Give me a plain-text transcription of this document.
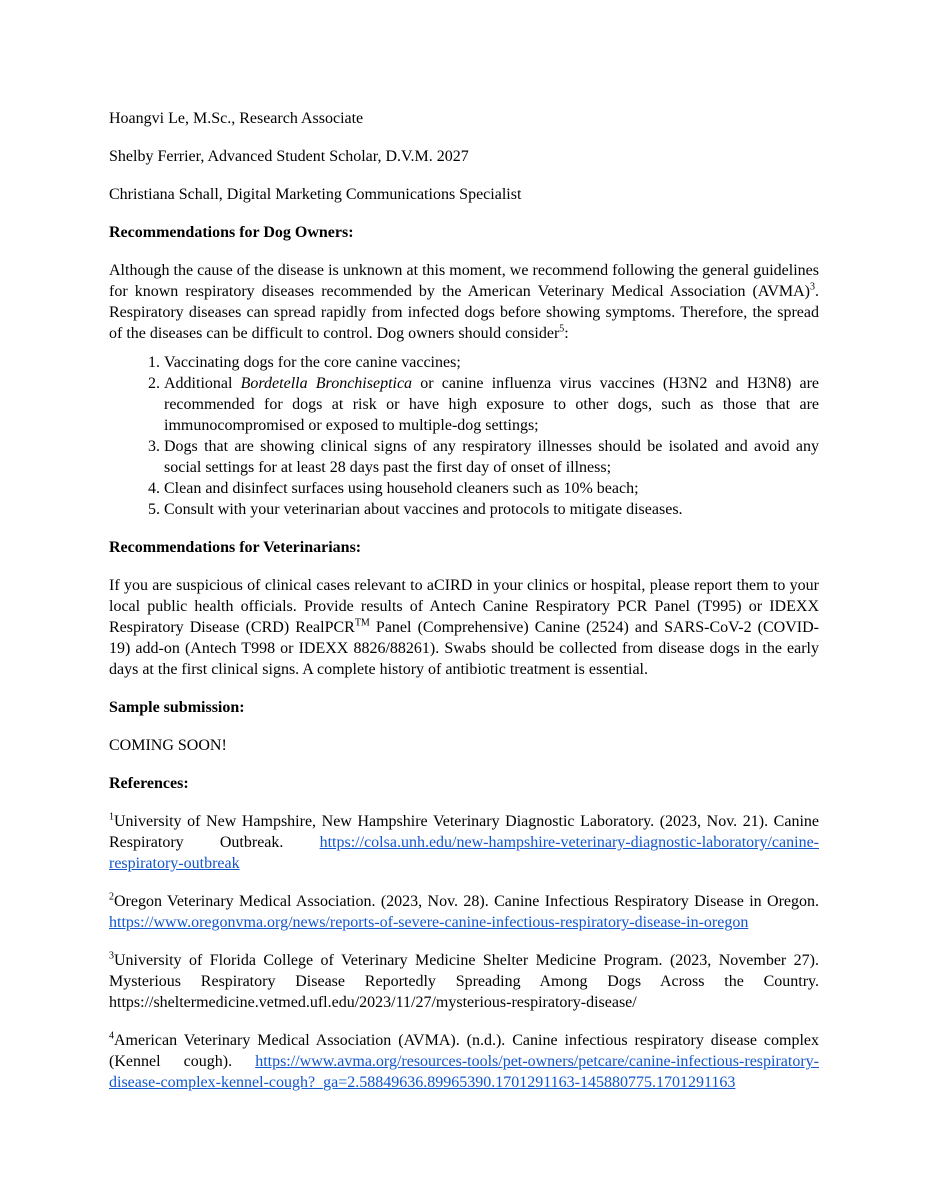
Hoangvi Le, M.Sc., Research Associate

Shelby Ferrier, Advanced Student Scholar, D.V.M. 2027

Christiana Schall, Digital Marketing Communications Specialist

Recommendations for Dog Owners:

Although the cause of the disease is unknown at this moment, we recommend following the general guidelines for known respiratory diseases recommended by the American Veterinary Medical Association (AVMA)$^3$. Respiratory diseases can spread rapidly from infected dogs before showing symptoms. Therefore, the spread of the diseases can be difficult to control. Dog owners should consider$^5$:

1. Vaccinating dogs for the core canine vaccines;
2. Additional Bordetella Bronchiseptica or canine influenza virus vaccines (H3N2 and H3N8) are recommended for dogs at risk or have high exposure to other dogs, such as those that are immunocompromised or exposed to multiple-dog settings;
3. Dogs that are showing clinical signs of any respiratory illnesses should be isolated and avoid any social settings for at least 28 days past the first day of onset of illness;
4. Clean and disinfect surfaces using household cleaners such as 10% beach;
5. Consult with your veterinarian about vaccines and protocols to mitigate diseases.

Recommendations for Veterinarians:

If you are suspicious of clinical cases relevant to aCIRD in your clinics or hospital, please report them to your local public health officials. Provide results of Antech Canine Respiratory PCR Panel (T995) or IDEXX Respiratory Disease (CRD) RealPCR™ Panel (Comprehensive) Canine (2524) and SARS-CoV-2 (COVID-19) add-on (Antech T998 or IDEXX 8826/88261). Swabs should be collected from disease dogs in the early days at the first clinical signs. A complete history of antibiotic treatment is essential.

Sample submission:

COMING SOON!

References:

$^1$University of New Hampshire, New Hampshire Veterinary Diagnostic Laboratory. (2023, Nov. 21). Canine Respiratory Outbreak. https://colsa.unh.edu/new-hampshire-veterinary-diagnostic-laboratory/canine-respiratory-outbreak

$^2$Oregon Veterinary Medical Association. (2023, Nov. 28). Canine Infectious Respiratory Disease in Oregon. https://www.oregonvma.org/news/reports-of-severe-canine-infectious-respiratory-disease-in-oregon

$^3$University of Florida College of Veterinary Medicine Shelter Medicine Program. (2023, November 27). Mysterious Respiratory Disease Reportedly Spreading Among Dogs Across the Country. https://sheltermedicine.vetmed.ufl.edu/2023/11/27/mysterious-respiratory-disease/

$^4$American Veterinary Medical Association (AVMA). (n.d.). Canine infectious respiratory disease complex (Kennel cough). https://www.avma.org/resources-tools/pet-owners/petcare/canine-infectious-respiratory-disease-complex-kennel-cough?_ga=2.58849636.89965390.1701291163-145880775.1701291163
